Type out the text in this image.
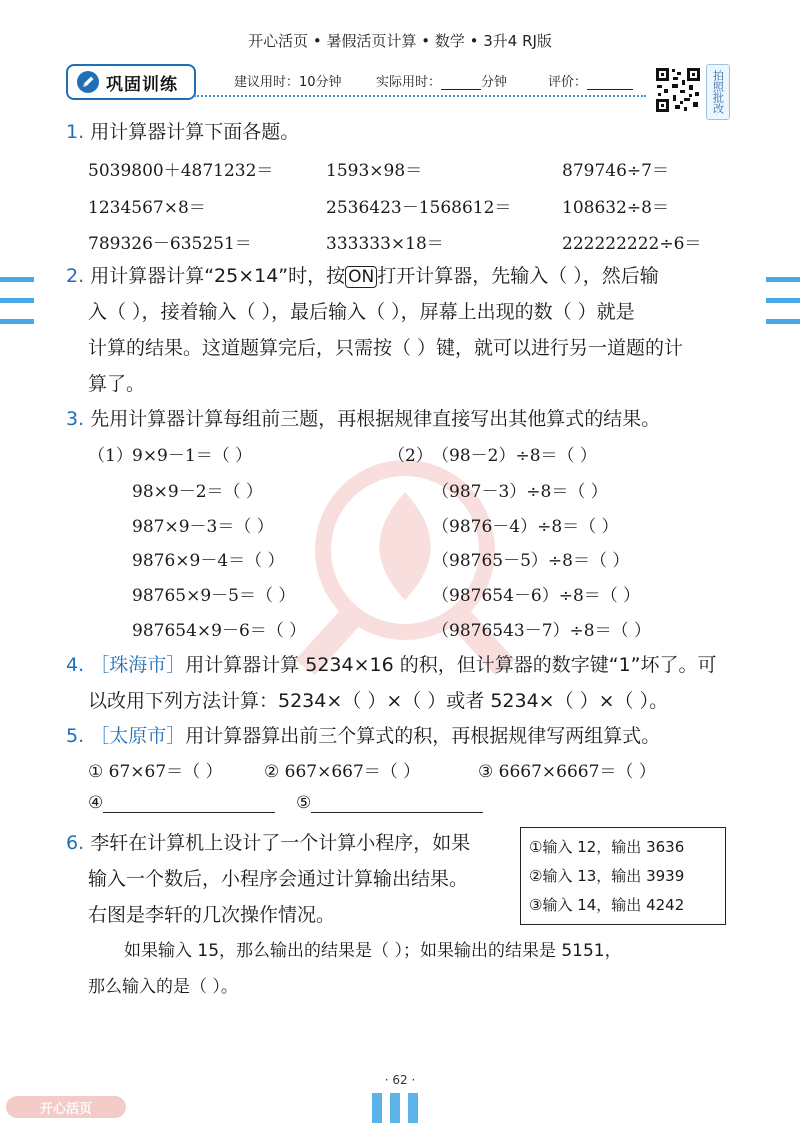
开心活页 • 暑假活页计算 • 数学 • 3升4 RJ版
巩固训练	建议用时：10分钟	实际用时：	分钟	评价：	拍照批改
1. 用计算器计算下面各题。
5039800＋4871232＝	1593×98＝	879746÷7＝
1234567×8＝	2536423－1568612＝	108632÷8＝
789326－635251＝	333333×18＝	222222222÷6＝
2. 用计算器计算“25×14”时，按 ON 打开计算器，先输入（ ），然后输
入（ ），接着输入（ ），最后输入（ ），屏幕上出现的数（ ）就是
计算的结果。这道题算完后，只需按（ ）键，就可以进行另一道题的计
算了。
3. 先用计算器计算每组前三题，再根据规律直接写出其他算式的结果。
（1） 9×9－1＝（ ）
98×9－2＝（ ）
987×9－3＝（ ）
9876×9－4＝（ ）
98765×9－5＝（ ）
987654×9－6＝（ ）
（2） （98－2）÷8＝（ ）
（987－3）÷8＝（ ）
（9876－4）÷8＝（ ）
（98765－5）÷8＝（ ）
（987654－6）÷8＝（ ）
（9876543－7）÷8＝（ ）
4. ［珠海市］用计算器计算 5234×16 的积，但计算器的数字键“1”坏了。可
以改用下列方法计算：5234×（ ）×（ ）或者 5234×（ ）×（ ）。
5. ［太原市］用计算器算出前三个算式的积，再根据规律写两组算式。
① 67×67＝（ ） ② 667×667＝（ ）	③ 6667×6667＝（ ）
④	⑤
6. 李轩在计算机上设计了一个计算小程序，如果
输入一个数后，小程序会通过计算输出结果。
右图是李轩的几次操作情况。
①输入 12，输出 3636
②输入 13，输出 3939
③输入 14，输出 4242
如果输入 15，那么输出的结果是（ ）；如果输出的结果是 5151，
那么输入的是（ ）。
· 62 ·
开心活页
